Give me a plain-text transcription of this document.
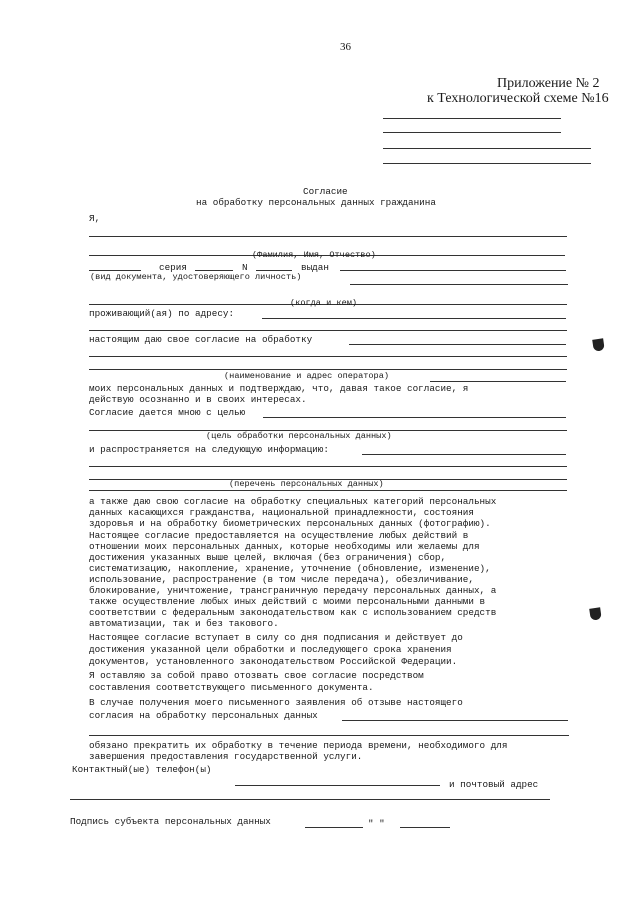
36
Приложение № 2
к Технологической схеме №16
Согласие
на обработку персональных данных гражданина
Я,
(Фамилия, Имя, Отчество)
серия	N	выдан
(вид документа, удостоверяющего личность)
(когда и кем)
проживающий(ая) по адресу:
настоящим даю свое согласие на обработку
(наименование и адрес оператора)
моих персональных данных и подтверждаю, что, давая такое согласие, я
действую осознанно и в своих интересах.
Согласие дается мною с целью
(цель обработки персональных данных)
и распространяется на следующую информацию:
(перечень персональных данных)
а также даю свою согласие на обработку специальных категорий персональных
данных касающихся гражданства, национальной принадлежности, состояния
здоровья и на обработку биометрических персональных данных (фотографию).
Настоящее согласие предоставляется на осуществление любых действий в
отношении моих персональных данных, которые необходимы или желаемы для
достижения указанных выше целей, включая (без ограничения) сбор,
систематизацию, накопление, хранение, уточнение (обновление, изменение),
использование, распространение (в том числе передача), обезличивание,
блокирование, уничтожение, трансграничную передачу персональных данных, а
также осуществление любых иных действий с моими персональными данными в
соответствии с федеральным законодательством как с использованием средств
автоматизации, так и без такового.
Настоящее согласие вступает в силу со дня подписания и действует до
достижения указанной цели обработки и последующего срока хранения
документов, установленного законодательством Российской Федерации.
Я оставляю за собой право отозвать свое согласие посредством
составления соответствующего письменного документа.
В случае получения моего письменного заявления об отзыве настоящего
согласия на обработку персональных данных
обязано прекратить их обработку в течение периода времени, необходимого для
завершения предоставления государственной услуги.
Контактный(ые) телефон(ы)
и почтовый адрес
Подпись субъекта персональных данных	" "
